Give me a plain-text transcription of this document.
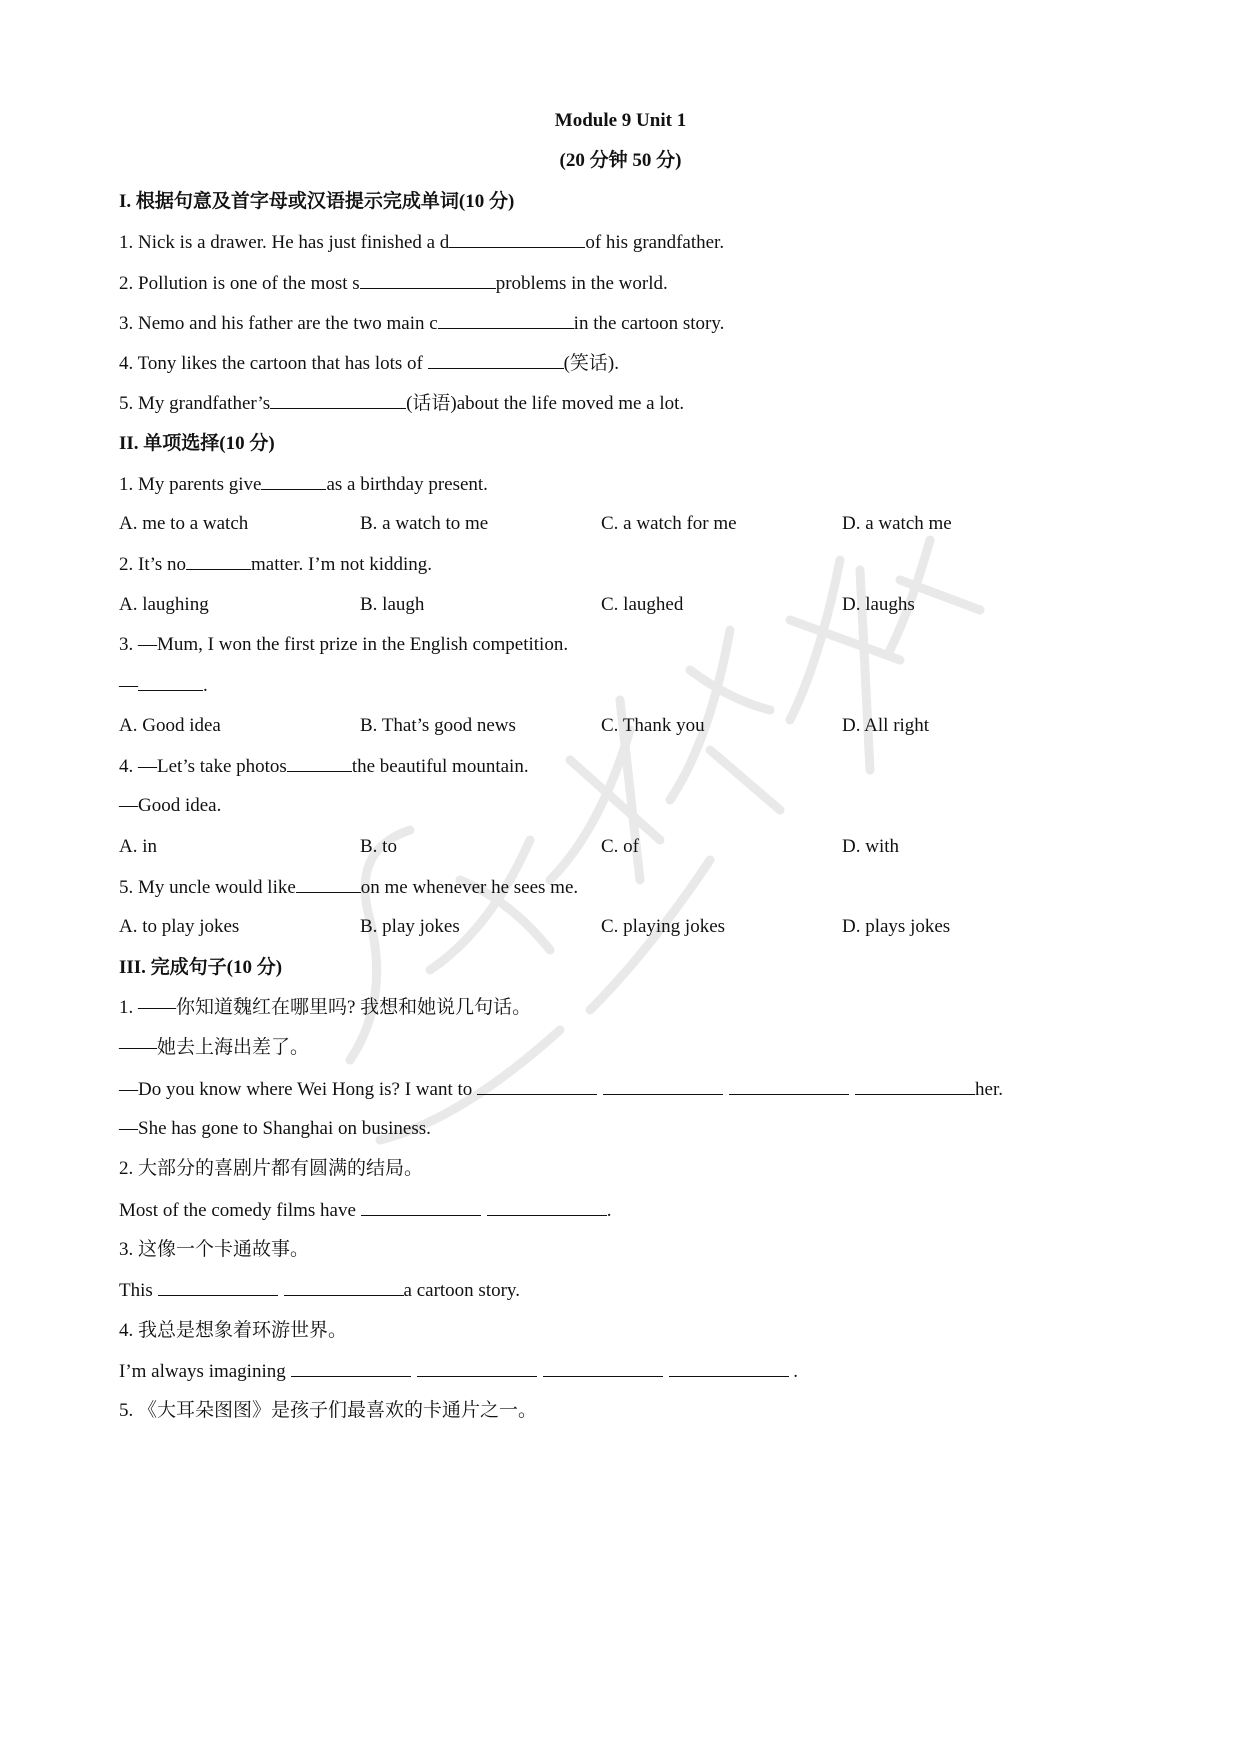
Module 9 Unit 1
(20 分钟 50 分)
I. 根据句意及首字母或汉语提示完成单词(10 分)
1. Nick is a drawer. He has just finished a d	of his grandfather.
2. Pollution is one of the most s	problems in the world.
3. Nemo and his father are the two main c	in the cartoon story.
4. Tony likes the cartoon that has lots of	(笑话).
5. My grandfather’s	(话语)about the life moved me a lot.
II. 单项选择(10 分)
1. My parents give	as a birthday present.
A. me to a watch	B. a watch to me	C. a watch for me	D. a watch me
2. It’s no	matter. I’m not kidding.
A. laughing	B. laugh	C. laughed	D. laughs
3. —Mum, I won the first prize in the English competition.
—	.
A. Good idea	B. That’s good news	C. Thank you	D. All right
4. —Let’s take photos	the beautiful mountain.
—Good idea.
A. in	B. to	C. of	D. with
5. My uncle would like	on me whenever he sees me.
A. to play jokes	B. play jokes	C. playing jokes	D. plays jokes
III. 完成句子(10 分)
1. ——你知道魏红在哪里吗? 我想和她说几句话。
——她去上海出差了。
—Do you know where Wei Hong is? I want to	her.
—She has gone to Shanghai on business.
2. 大部分的喜剧片都有圆满的结局。
Most of the comedy films have	.
3. 这像一个卡通故事。
This	a cartoon story.
4. 我总是想象着环游世界。
I’m always imagining	.
5. 《大耳朵图图》是孩子们最喜欢的卡通片之一。
